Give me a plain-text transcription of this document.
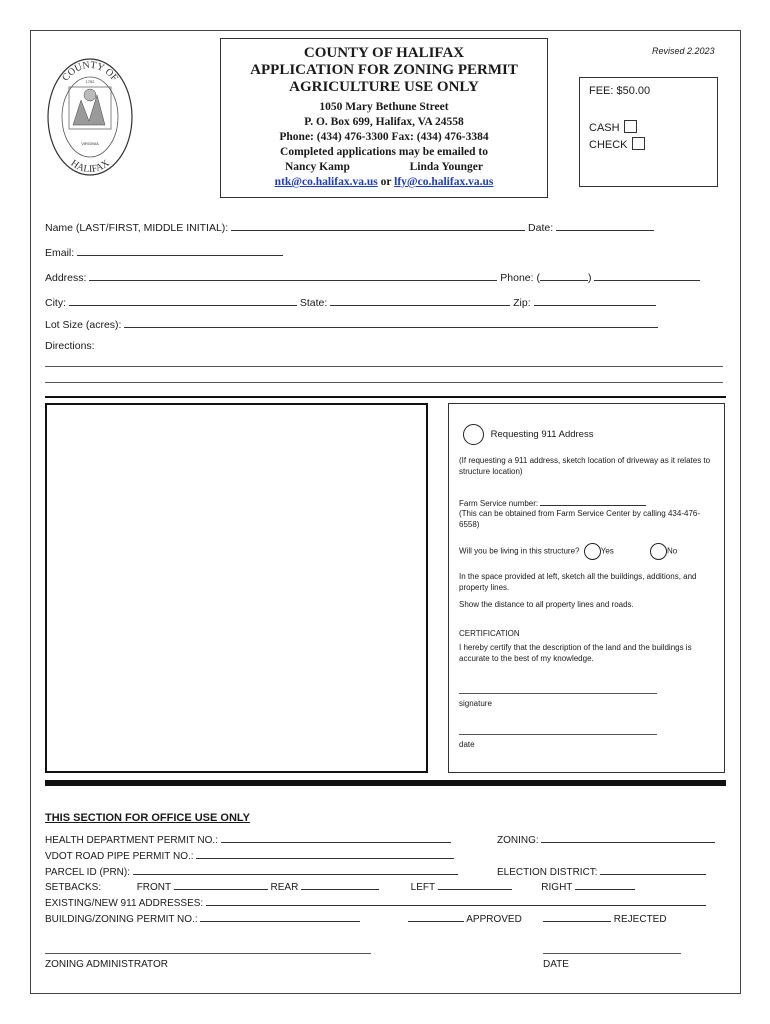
COUNTY OF
HALIFAX
1752
VIRGINIA
COUNTY OF HALIFAX
APPLICATION FOR ZONING PERMIT
AGRICULTURE USE ONLY
1050 Mary Bethune Street
P. O. Box 699, Halifax, VA 24558
Phone: (434) 476-3300 Fax: (434) 476-3384
Completed applications may be emailed to
Nancy Kamp	Linda Younger
ntk@co.halifax.va.us or lfy@co.halifax.va.us
Revised 2.2023
FEE: $50.00
CASH
CHECK
Name (LAST/FIRST, MIDDLE INITIAL):	Date:
Email:
Address:	Phone: (	)
City:	State:	Zip:
Lot Size (acres):
Directions:
Requesting 911 Address
(If requesting a 911 address, sketch location of driveway as it relates to structure location)
Farm Service number:
(This can be obtained from Farm Service Center by calling 434-476-6558)
Will you be living in this structure?	Yes	No
In the space provided at left, sketch all the buildings, additions, and property lines.
Show the distance to all property lines and roads.
CERTIFICATION
I hereby certify that the description of the land and the buildings is accurate to the best of my knowledge.
signature
date
THIS SECTION FOR OFFICE USE ONLY
HEALTH DEPARTMENT PERMIT NO.:	ZONING:
VDOT ROAD PIPE PERMIT NO.:
PARCEL ID (PRN):	ELECTION DISTRICT:
SETBACKS:	FRONT	REAR	LEFT	RIGHT
EXISTING/NEW 911 ADDRESSES:
BUILDING/ZONING PERMIT NO.:	APPROVED	REJECTED
ZONING ADMINISTRATOR	DATE
